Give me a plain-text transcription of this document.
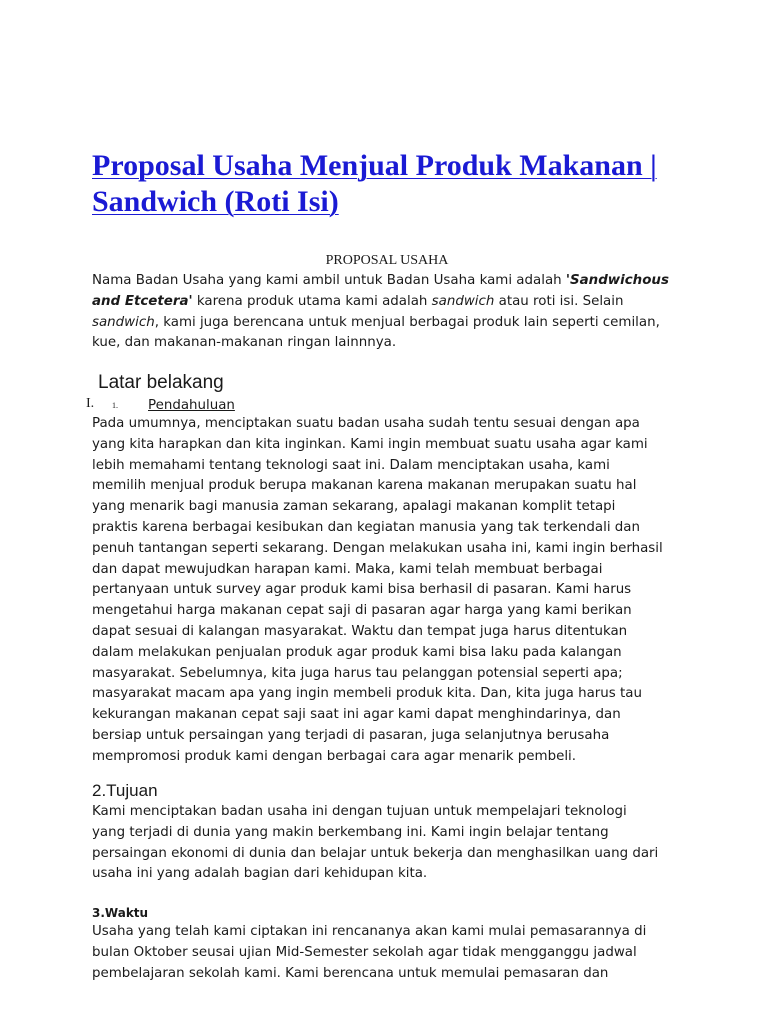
Proposal Usaha Menjual Produk Makanan | Sandwich (Roti Isi)
PROPOSAL USAHA
Nama Badan Usaha yang kami ambil untuk Badan Usaha kami adalah 'Sandwichous
and Etcetera' karena produk utama kami adalah sandwich atau roti isi. Selain
sandwich, kami juga berencana untuk menjual berbagai produk lain seperti cemilan,
kue, dan makanan-makanan ringan lainnnya.
Latar belakang
I. 1. Pendahuluan
Pada umumnya, menciptakan suatu badan usaha sudah tentu sesuai dengan apa
yang kita harapkan dan kita inginkan. Kami ingin membuat suatu usaha agar kami
lebih memahami tentang teknologi saat ini. Dalam menciptakan usaha, kami
memilih menjual produk berupa makanan karena makanan merupakan suatu hal
yang menarik bagi manusia zaman sekarang, apalagi makanan komplit tetapi
praktis karena berbagai kesibukan dan kegiatan manusia yang tak terkendali dan
penuh tantangan seperti sekarang. Dengan melakukan usaha ini, kami ingin berhasil
dan dapat mewujudkan harapan kami. Maka, kami telah membuat berbagai
pertanyaan untuk survey agar produk kami bisa berhasil di pasaran. Kami harus
mengetahui harga makanan cepat saji di pasaran agar harga yang kami berikan
dapat sesuai di kalangan masyarakat. Waktu dan tempat juga harus ditentukan
dalam melakukan penjualan produk agar produk kami bisa laku pada kalangan
masyarakat. Sebelumnya, kita juga harus tau pelanggan potensial seperti apa;
masyarakat macam apa yang ingin membeli produk kita. Dan, kita juga harus tau
kekurangan makanan cepat saji saat ini agar kami dapat menghindarinya, dan
bersiap untuk persaingan yang terjadi di pasaran, juga selanjutnya berusaha
mempromosi produk kami dengan berbagai cara agar menarik pembeli.
2.Tujuan
Kami menciptakan badan usaha ini dengan tujuan untuk mempelajari teknologi
yang terjadi di dunia yang makin berkembang ini. Kami ingin belajar tentang
persaingan ekonomi di dunia dan belajar untuk bekerja dan menghasilkan uang dari
usaha ini yang adalah bagian dari kehidupan kita.
3.Waktu
Usaha yang telah kami ciptakan ini rencananya akan kami mulai pemasarannya di
bulan Oktober seusai ujian Mid-Semester sekolah agar tidak mengganggu jadwal
pembelajaran sekolah kami. Kami berencana untuk memulai pemasaran dan
